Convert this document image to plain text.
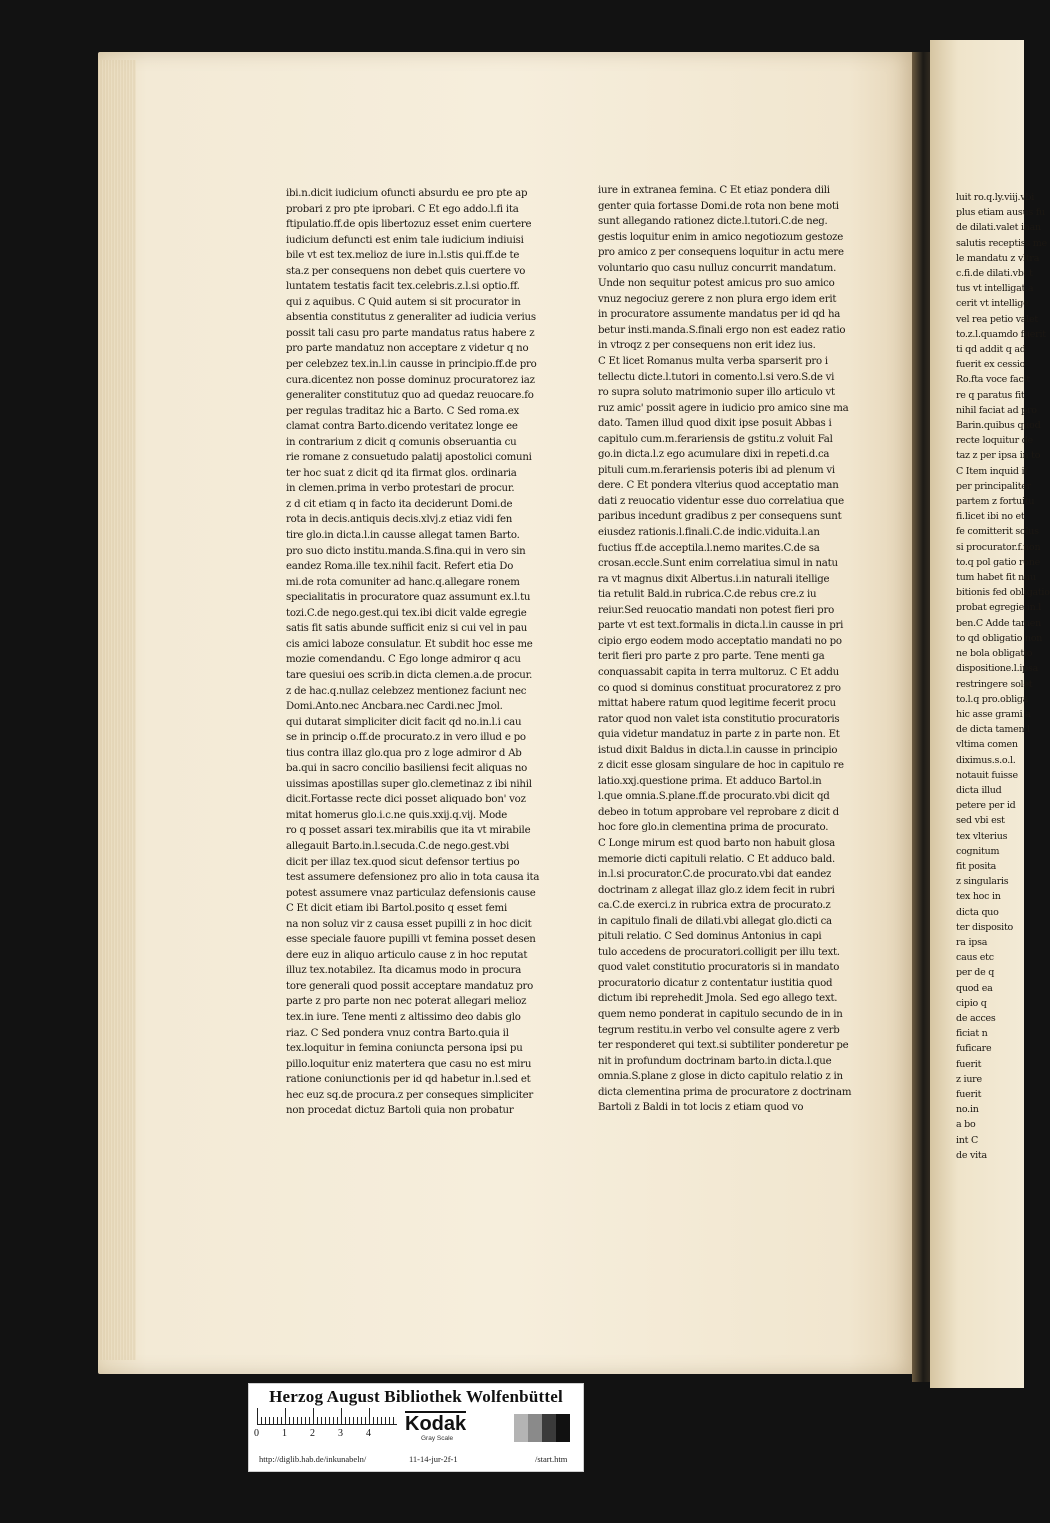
ibi.n.dicit iudicium ofuncti absurdu ee pro pte ap

probari z pro pte iprobari. C Et ego addo.l.fi ita

ftipulatio.ff.de opis libertozuz esset enim cuertere

iudicium defuncti est enim tale iudicium indiuisi

bile vt est tex.melioz de iure in.l.stis qui.ff.de te

sta.z per consequens non debet quis cuertere vo

luntatem testatis facit tex.celebris.z.l.si optio.ff.

qui z aquibus. C Quid autem si sit procurator in

absentia constitutus z generaliter ad iudicia verius

possit tali casu pro parte mandatus ratus habere z

pro parte mandatuz non acceptare z videtur q no

per celebzez tex.in.l.in causse in principio.ff.de pro

cura.dicentez non posse dominuz procuratorez iaz

generaliter constitutuz quo ad quedaz reuocare.fo

per regulas traditaz hic a Barto. C Sed roma.ex

clamat contra Barto.dicendo veritatez longe ee

in contrarium z dicit q comunis obseruantia cu

rie romane z consuetudo palatij apostolici comuni

ter hoc suat z dicit qd ita firmat glos. ordinaria

in clemen.prima in verbo protestari de procur.

z d cit etiam q in facto ita deciderunt Domi.de

rota in decis.antiquis decis.xlvj.z etiaz vidi fen

tire glo.in dicta.l.in causse allegat tamen Barto.

pro suo dicto institu.manda.S.fina.qui in vero sin

eandez Roma.ille tex.nihil facit. Refert etia Do

mi.de rota comuniter ad hanc.q.allegare ronem

specialitatis in procuratore quaz assumunt ex.l.tu

tozi.C.de nego.gest.qui tex.ibi dicit valde egregie

satis fit satis abunde sufficit eniz si cui vel in pau

cis amici laboze consulatur. Et subdit hoc esse me

mozie comendandu. C Ego longe admiror q acu

tare quesiui oes scrib.in dicta clemen.a.de procur.

z de hac.q.nullaz celebzez mentionez faciunt nec

Domi.Anto.nec Ancbara.nec Cardi.nec Jmol.

qui dutarat simpliciter dicit facit qd no.in.l.i cau

se in princip o.ff.de procurato.z in vero illud e po

tius contra illaz glo.qua pro z loge admiror d Ab

ba.qui in sacro concilio basiliensi fecit aliquas no

uissimas apostillas super glo.clemetinaz z ibi nihil

dicit.Fortasse recte dici posset aliquado bon' voz

mitat homerus glo.i.c.ne quis.xxij.q.vij. Mode

ro q posset assari tex.mirabilis que ita vt mirabile

allegauit Barto.in.l.secuda.C.de nego.gest.vbi

dicit per illaz tex.quod sicut defensor tertius po

test assumere defensionez pro alio in tota causa ita

potest assumere vnaz particulaz defensionis cause

C Et dicit etiam ibi Bartol.posito q esset femi

na non soluz vir z causa esset pupilli z in hoc dicit

esse speciale fauore pupilli vt femina posset desen

dere euz in aliquo articulo cause z in hoc reputat

illuz tex.notabilez. Ita dicamus modo in procura

tore generali quod possit acceptare mandatuz pro

parte z pro parte non nec poterat allegari melioz

tex.in iure. Tene menti z altissimo deo dabis glo

riaz. C Sed pondera vnuz contra Barto.quia il

tex.loquitur in femina coniuncta persona ipsi pu

pillo.loquitur eniz matertera que casu no est miru

ratione coniunctionis per id qd habetur in.l.sed et

hec euz sq.de procura.z per conseques simpliciter

non procedat dictuz Bartoli quia non probatur

iure in extranea femina. C Et etiaz pondera dili

genter quia fortasse Domi.de rota non bene moti

sunt allegando rationez dicte.l.tutori.C.de neg.

gestis loquitur enim in amico negotiozum gestoze

pro amico z per consequens loquitur in actu mere

voluntario quo casu nulluz concurrit mandatum.

Unde non sequitur potest amicus pro suo amico

vnuz negociuz gerere z non plura ergo idem erit

in procuratore assumente mandatus per id qd ha

betur insti.manda.S.finali ergo non est eadez ratio

in vtroqz z per consequens non erit idez ius.

C Et licet Romanus multa verba sparserit pro i

tellectu dicte.l.tutori in comento.l.si vero.S.de vi

ro supra soluto matrimonio super illo articulo vt

ruz amic' possit agere in iudicio pro amico sine ma

dato. Tamen illud quod dixit ipse posuit Abbas i

capitulo cum.m.ferariensis de gstitu.z voluit Fal

go.in dicta.l.z ego acumulare dixi in repeti.d.ca

pituli cum.m.ferariensis poteris ibi ad plenum vi

dere. C Et pondera vlterius quod acceptatio man

dati z reuocatio videntur esse duo correlatiua que

paribus incedunt gradibus z per consequens sunt

eiusdez rationis.l.finali.C.de indic.viduita.l.an

fuctius ff.de acceptila.l.nemo marites.C.de sa

crosan.eccle.Sunt enim correlatiua simul in natu

ra vt magnus dixit Albertus.i.in naturali itellige

tia retulit Bald.in rubrica.C.de rebus cre.z iu

reiur.Sed reuocatio mandati non potest fieri pro

parte vt est text.formalis in dicta.l.in causse in pri

cipio ergo eodem modo acceptatio mandati no po

terit fieri pro parte z pro parte. Tene menti ga

conquassabit capita in terra multoruz. C Et addu

co quod si dominus constituat procuratorez z pro

mittat habere ratum quod legitime fecerit procu

rator quod non valet ista constitutio procuratoris

quia videtur mandatuz in parte z in parte non. Et

istud dixit Baldus in dicta.l.in causse in principio

z dicit esse glosam singulare de hoc in capitulo re

latio.xxj.questione prima. Et adduco Bartol.in

l.que omnia.S.plane.ff.de procurato.vbi dicit qd

debeo in totum approbare vel reprobare z dicit d

hoc fore glo.in clementina prima de procurato.

C Longe mirum est quod barto non habuit glosa

memorie dicti capituli relatio. C Et adduco bald.

in.l.si procurator.C.de procurato.vbi dat eandez

doctrinam z allegat illaz glo.z idem fecit in rubri

ca.C.de exerci.z in rubrica extra de procurato.z

in capitulo finali de dilati.vbi allegat glo.dicti ca

pituli relatio. C Sed dominus Antonius in capi

tulo accedens de procuratori.colligit per illu text.

quod valet constitutio procuratoris si in mandato

procuratorio dicatur z contentatur iustitia quod

dictum ibi reprehedit Jmola. Sed ego allego text.

quem nemo ponderat in capitulo secundo de in in

tegrum restitu.in verbo vel consulte agere z verb

ter responderet qui text.si subtiliter ponderetur pe

nit in profundum doctrinam barto.in dicta.l.que

omnia.S.plane z glose in dicto capitulo relatio z in

dicta clementina prima de procuratore z doctrinam

Bartoli z Baldi in tot locis z etiam quod vo

luit ro.q.ly.viij.vbi

plus etiam ausus fu

de dilati.valet inan

salutis receptiss me

le mandatu z vltra

c.fi.de dilati.vbi t

tus vt intelligat.a

cerit vt intellige

vel rea petio valet

to.z.l.quamdo fuerit

ti qd addit q ad

fuerit ex cessio

Ro.fta voce facit

re q paratus fit

nihil faciat ad pro

Barin.quibus quod

recte loquitur de

taz z per ipsa in to

C Item inquid if

per principaliter

partem z fortuitu

fi.licet ibi no et

fe comitterit solus

si procurator.f.non

to.q pol gatio rone

tum habet fit nuu

bitionis fed obligatio

probat egregie in.l

ben.C Adde tamen

to qd obligatio non

ne bola obligatio

dispositione.l.ipsa

restringere solet

to.l.q pro.obliga

hic asse grami a

de dicta tamen.l

vltima comen

diximus.s.o.l.

notauit fuisse

dicta illud

petere per id

sed vbi est

tex vlterius

cognitum

fit posita

z singularis

tex hoc in

dicta quo

ter disposito

ra ipsa

caus etc

per de q

quod ea

cipio q

de acces

ficiat n

fuficare

fuerit

z iure

fuerit

no.in

a bo

int C

de vita

Herzog August Bibliothek Wolfenbüttel
0 1 2 3 4 Kodak
Gray Scale
http://diglib.hab.de/inkunabeln/	11-14-jur-2f-1	/start.htm
